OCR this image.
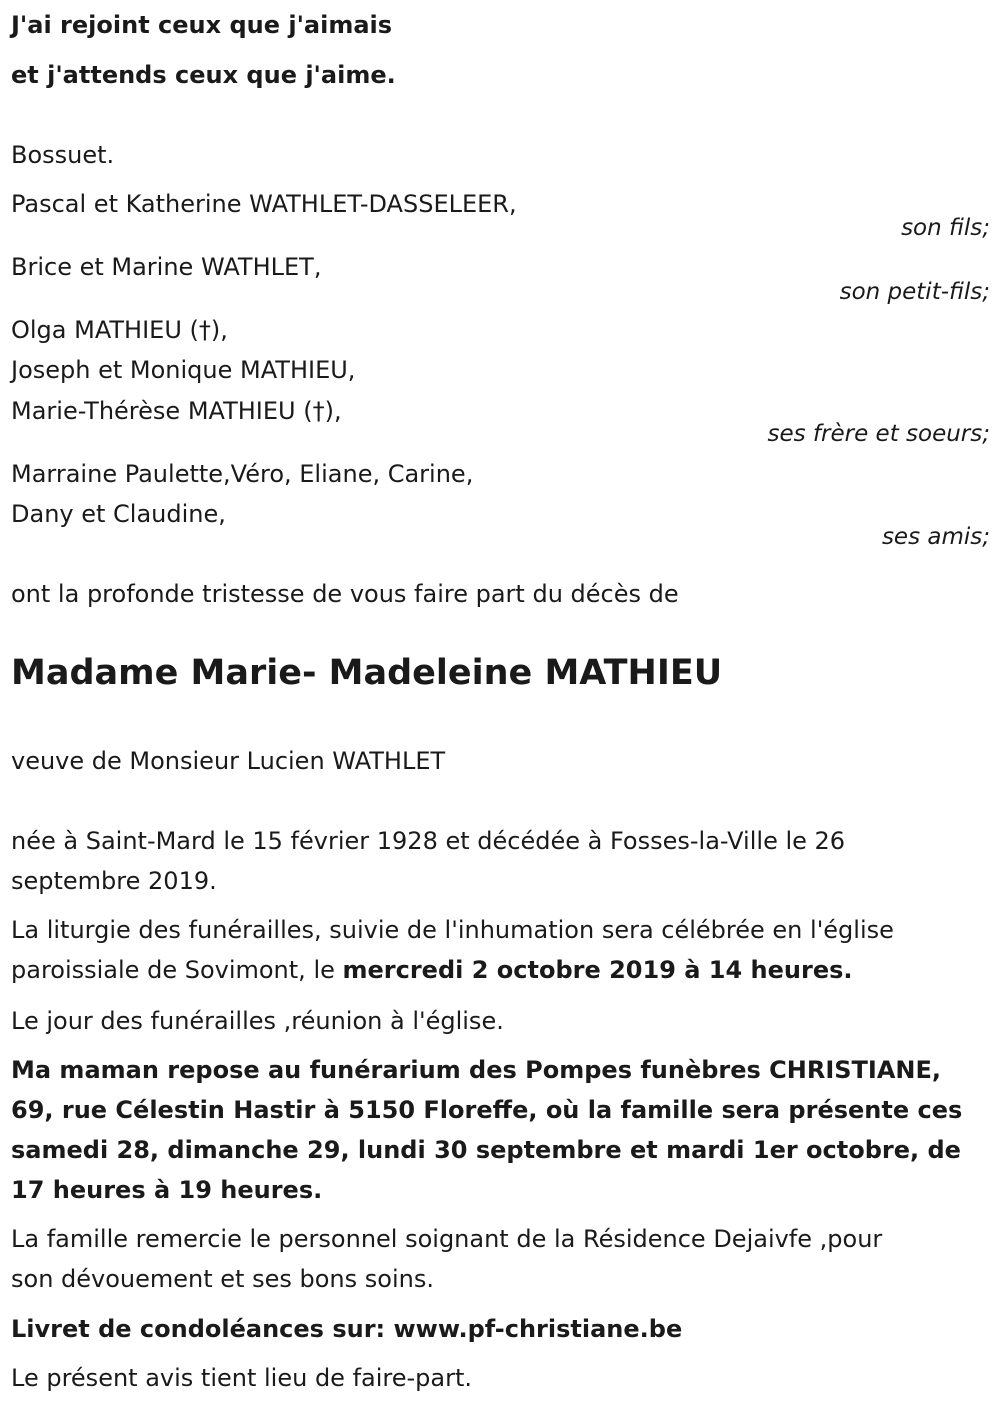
J'ai rejoint ceux que j'aimais
et j'attends ceux que j'aime.
Bossuet.
Pascal et Katherine WATHLET-DASSELEER,
son fils;
Brice et Marine WATHLET,
son petit-fils;
Olga MATHIEU (†),
Joseph et Monique MATHIEU,
Marie-Thérèse MATHIEU (†),
ses frère et soeurs;
Marraine Paulette,Véro, Eliane, Carine,
Dany et Claudine,
ses amis;
ont la profonde tristesse de vous faire part du décès de
Madame Marie- Madeleine MATHIEU
veuve de Monsieur Lucien WATHLET
née à Saint-Mard le 15 février 1928 et décédée à Fosses-la-Ville le 26
septembre 2019.
La liturgie des funérailles, suivie de l'inhumation sera célébrée en l'église
paroissiale de Sovimont, le mercredi 2 octobre 2019 à 14 heures.
Le jour des funérailles ,réunion à l'église.
Ma maman repose au funérarium des Pompes funèbres CHRISTIANE,
69, rue Célestin Hastir à 5150 Floreffe, où la famille sera présente ces
samedi 28, dimanche 29, lundi 30 septembre et mardi 1er octobre, de
17 heures à 19 heures.
La famille remercie le personnel soignant de la Résidence Dejaivfe ,pour
son dévouement et ses bons soins.
Livret de condoléances sur: www.pf-christiane.be
Le présent avis tient lieu de faire-part.
